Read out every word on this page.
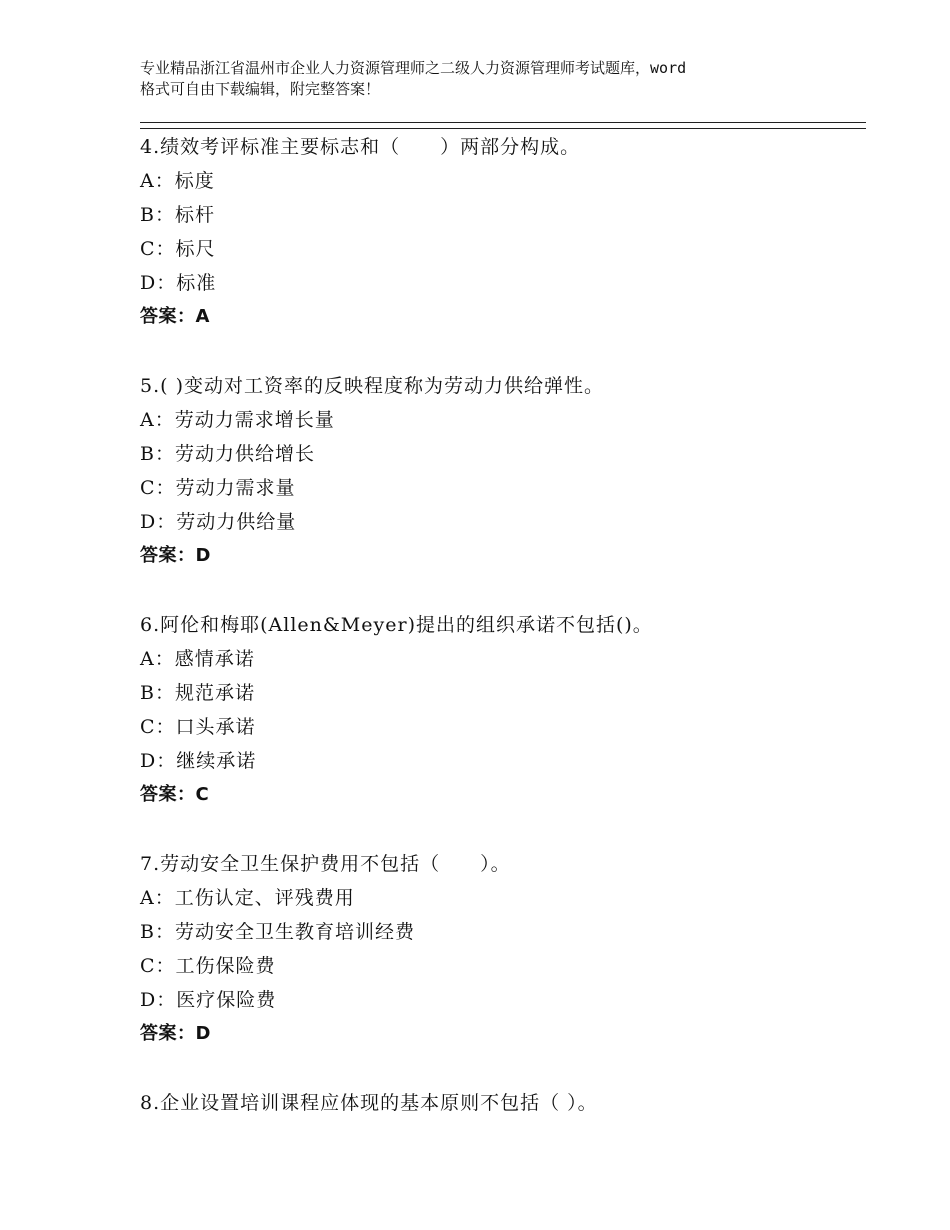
专业精品浙江省温州市企业人力资源管理师之二级人力资源管理师考试题库，word
格式可自由下载编辑，附完整答案！
4.绩效考评标准主要标志和（　　）两部分构成。
A：标度
B：标杆
C：标尺
D：标准
答案：A
5.( )变动对工资率的反映程度称为劳动力供给弹性。
A：劳动力需求增长量
B：劳动力供给增长
C：劳动力需求量
D：劳动力供给量
答案：D
6.阿伦和梅耶(Allen&Meyer)提出的组织承诺不包括()。
A：感情承诺
B：规范承诺
C：口头承诺
D：继续承诺
答案：C
7.劳动安全卫生保护费用不包括（　　）。
A：工伤认定、评残费用
B：劳动安全卫生教育培训经费
C：工伤保险费
D：医疗保险费
答案：D
8.企业设置培训课程应体现的基本原则不包括（ ）。
